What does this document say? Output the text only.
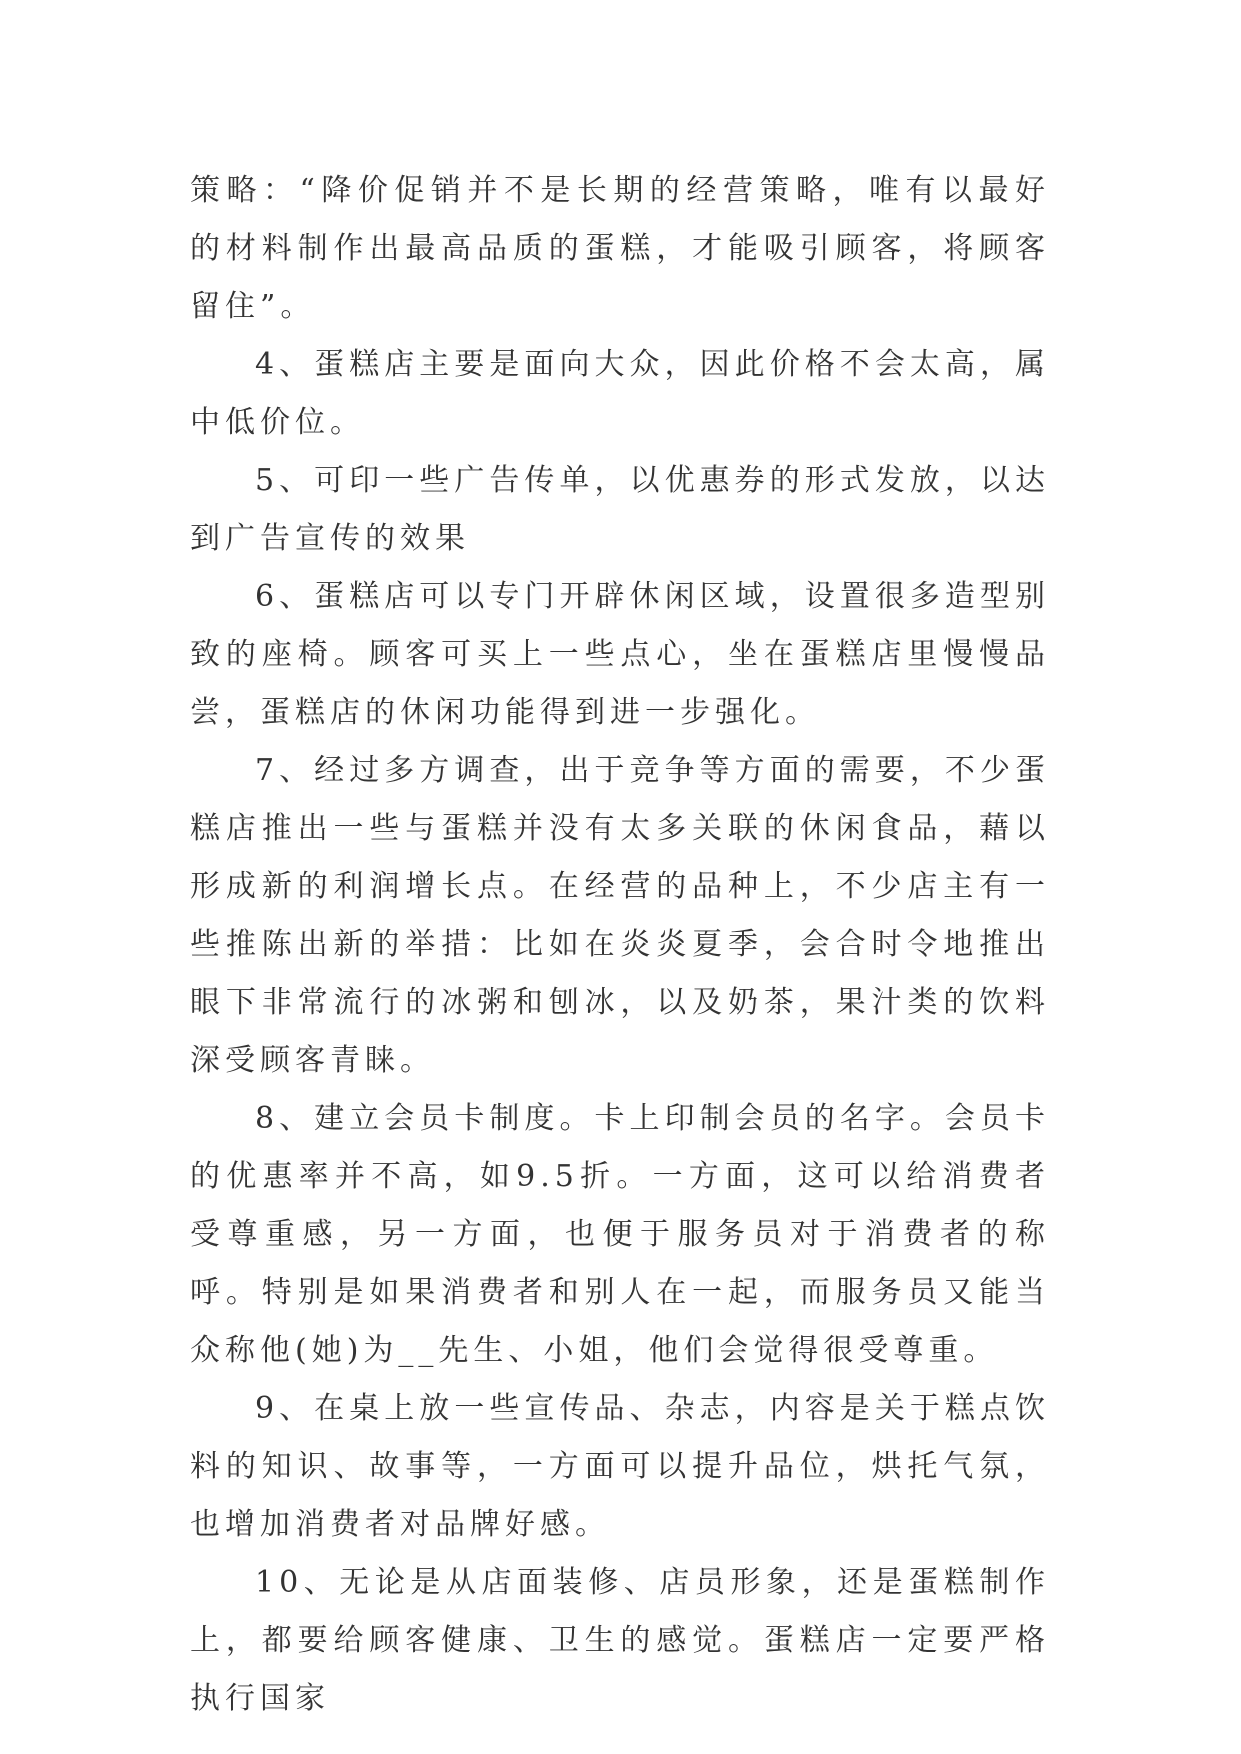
策略：“降价促销并不是长期的经营策略，唯有以最好的材料制作出最高品质的蛋糕，才能吸引顾客，将顾客留住”。

4、蛋糕店主要是面向大众，因此价格不会太高，属中低价位。

5、可印一些广告传单，以优惠券的形式发放，以达到广告宣传的效果

6、蛋糕店可以专门开辟休闲区域，设置很多造型别致的座椅。顾客可买上一些点心，坐在蛋糕店里慢慢品尝，蛋糕店的休闲功能得到进一步强化。

7、经过多方调查，出于竞争等方面的需要，不少蛋糕店推出一些与蛋糕并没有太多关联的休闲食品，藉以形成新的利润增长点。在经营的品种上，不少店主有一些推陈出新的举措：比如在炎炎夏季，会合时令地推出眼下非常流行的冰粥和刨冰，以及奶茶，果汁类的饮料深受顾客青睐。

8、建立会员卡制度。卡上印制会员的名字。会员卡的优惠率并不高，如9.5折。一方面，这可以给消费者受尊重感，另一方面，也便于服务员对于消费者的称呼。特别是如果消费者和别人在一起，而服务员又能当众称他(她)为__先生、小姐，他们会觉得很受尊重。

9、在桌上放一些宣传品、杂志，内容是关于糕点饮料的知识、故事等，一方面可以提升品位，烘托气氛，也增加消费者对品牌好感。

10、无论是从店面装修、店员形象，还是蛋糕制作上，都要给顾客健康、卫生的感觉。蛋糕店一定要严格执行国家
